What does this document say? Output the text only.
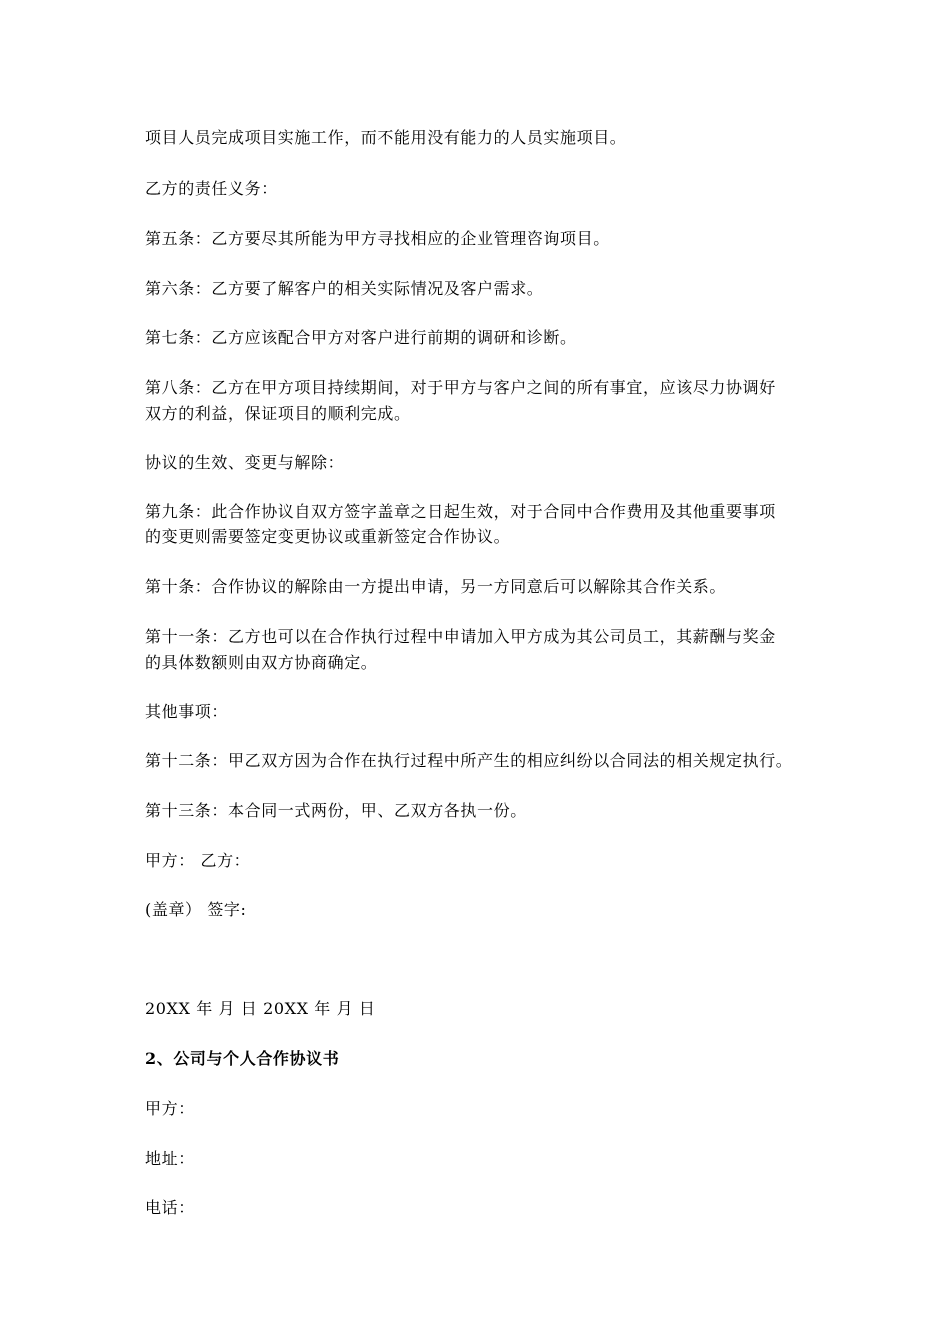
项目人员完成项目实施工作，而不能用没有能力的人员实施项目。
乙方的责任义务：
第五条：乙方要尽其所能为甲方寻找相应的企业管理咨询项目。
第六条：乙方要了解客户的相关实际情况及客户需求。
第七条：乙方应该配合甲方对客户进行前期的调研和诊断。
第八条：乙方在甲方项目持续期间，对于甲方与客户之间的所有事宜，应该尽力协调好
双方的利益，保证项目的顺利完成。
协议的生效、变更与解除：
第九条：此合作协议自双方签字盖章之日起生效，对于合同中合作费用及其他重要事项
的变更则需要签定变更协议或重新签定合作协议。
第十条：合作协议的解除由一方提出申请，另一方同意后可以解除其合作关系。
第十一条：乙方也可以在合作执行过程中申请加入甲方成为其公司员工，其薪酬与奖金
的具体数额则由双方协商确定。
其他事项：
第十二条：甲乙双方因为合作在执行过程中所产生的相应纠纷以合同法的相关规定执行。
第十三条：本合同一式两份，甲、乙双方各执一份。
甲方： 乙方：
(盖章） 签字:
20XX 年 月 日 20XX 年 月 日
2、公司与个人合作协议书
甲方：
地址：
电话：
